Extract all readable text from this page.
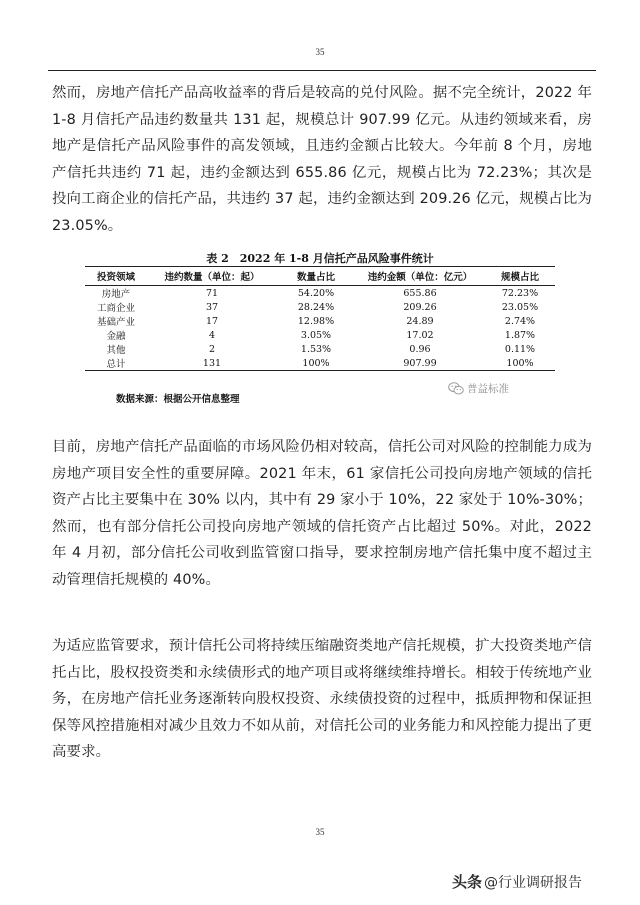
35

然而，房地产信托产品高收益率的背后是较高的兑付风险。据不完全统计，2022 年 1-8 月信托产品违约数量共 131 起，规模总计 907.99 亿元。从违约领域来看，房地产是信托产品风险事件的高发领域，且违约金额占比较大。今年前 8 个月，房地产信托共违约 71 起，违约金额达到 655.86 亿元，规模占比为 72.23%；其次是投向工商企业的信托产品，共违约 37 起，违约金额达到 209.26 亿元，规模占比为 23.05%。

表 2　2022 年 1-8 月信托产品风险事件统计
投资领域	违约数量（单位：起）	数量占比	违约金额（单位：亿元）	规模占比
房地产	71	54.20%	655.86	72.23%
工商企业	37	28.24%	209.26	23.05%
基础产业	17	12.98%	24.89	2.74%
金融	4	3.05%	17.02	1.87%
其他	2	1.53%	0.96	0.11%
总计	131	100%	907.99	100%
普益标准
数据来源：根据公开信息整理

目前，房地产信托产品面临的市场风险仍相对较高，信托公司对风险的控制能力成为房地产项目安全性的重要屏障。2021 年末，61 家信托公司投向房地产领域的信托资产占比主要集中在 30% 以内，其中有 29 家小于 10%，22 家处于 10%-30%；然而，也有部分信托公司投向房地产领域的信托资产占比超过 50%。对此，2022 年 4 月初，部分信托公司收到监管窗口指导，要求控制房地产信托集中度不超过主动管理信托规模的 40%。

为适应监管要求，预计信托公司将持续压缩融资类地产信托规模，扩大投资类地产信托占比，股权投资类和永续债形式的地产项目或将继续维持增长。相较于传统地产业务，在房地产信托业务逐渐转向股权投资、永续债投资的过程中，抵质押物和保证担保等风控措施相对减少且效力不如从前，对信托公司的业务能力和风控能力提出了更高要求。

35
头条 @行业调研报告
